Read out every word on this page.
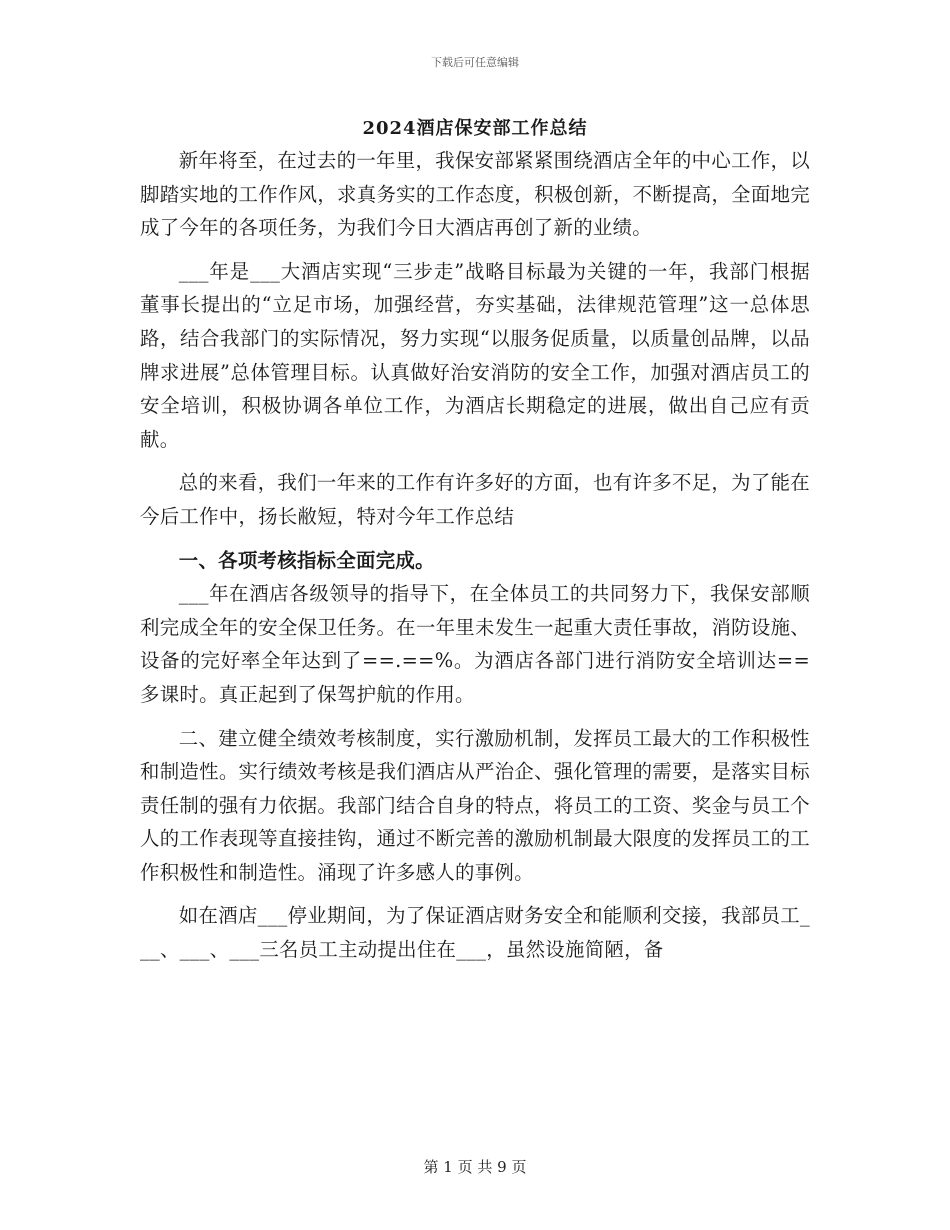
下载后可任意编辑
2024酒店保安部工作总结

新年将至，在过去的一年里，我保安部紧紧围绕酒店全年的中心工作，以脚踏实地的工作作风，求真务实的工作态度，积极创新，不断提高，全面地完成了今年的各项任务，为我们今日大酒店再创了新的业绩。

___年是___大酒店实现“三步走”战略目标最为关键的一年，我部门根据董事长提出的“立足市场，加强经营，夯实基础，法律规范管理”这一总体思路，结合我部门的实际情况，努力实现“以服务促质量，以质量创品牌，以品牌求进展”总体管理目标。认真做好治安消防的安全工作，加强对酒店员工的安全培训，积极协调各单位工作，为酒店长期稳定的进展，做出自己应有贡献。

总的来看，我们一年来的工作有许多好的方面，也有许多不足，为了能在今后工作中，扬长敝短，特对今年工作总结

一、各项考核指标全面完成。

___年在酒店各级领导的指导下，在全体员工的共同努力下，我保安部顺利完成全年的安全保卫任务。在一年里未发生一起重大责任事故，消防设施、设备的完好率全年达到了==.==%。为酒店各部门进行消防安全培训达==多课时。真正起到了保驾护航的作用。

二、建立健全绩效考核制度，实行激励机制，发挥员工最大的工作积极性和制造性。实行绩效考核是我们酒店从严治企、强化管理的需要，是落实目标责任制的强有力依据。我部门结合自身的特点，将员工的工资、奖金与员工个人的工作表现等直接挂钩，通过不断完善的激励机制最大限度的发挥员工的工作积极性和制造性。涌现了许多感人的事例。

如在酒店___停业期间，为了保证酒店财务安全和能顺利交接，我部员工___、___、___三名员工主动提出住在___，虽然设施简陋，备

第 1 页 共 9 页
